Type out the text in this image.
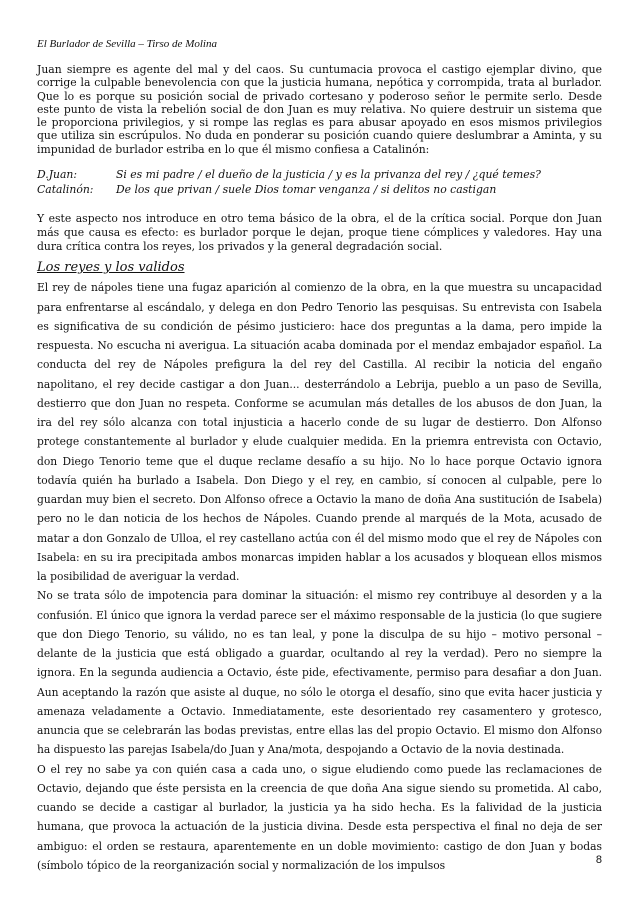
El Burlador de Sevilla – Tirso de Molina

Juan siempre es agente del mal y del caos. Su cuntumacia provoca el castigo ejemplar divino, que corrige la culpable benevolencia con que la justicia humana, nepótica y corrompida, trata al burlador. Que lo es porque su posición social de privado cortesano y poderoso señor le permite serlo. Desde este punto de vista la rebelión social de don Juan es muy relativa. No quiere destruir un sistema que le proporciona privilegios, y si rompe las reglas es para abusar apoyado en esos mismos privilegios que utiliza sin escrúpulos. No duda en ponderar su posición cuando quiere deslumbrar a Aminta, y su impunidad de burlador estriba en lo que él mismo confiesa a Catalinón:

D.Juan:	Si es mi padre / el dueño de la justicia / y es la privanza del rey / ¿qué temes?
Catalinón:	De los que privan / suele Dios tomar venganza / si delitos no castigan

Y este aspecto nos introduce en otro tema básico de la obra, el de la crítica social. Porque don Juan más que causa es efecto: es burlador porque le dejan, proque tiene cómplices y valedores. Hay una dura crítica contra los reyes, los privados y la general degradación social.

Los reyes y los validos

El rey de nápoles tiene una fugaz aparición al comienzo de la obra, en la que muestra su uncapacidad para enfrentarse al escándalo, y delega en don Pedro Tenorio las pesquisas. Su entrevista con Isabela es significativa de su condición de pésimo justiciero: hace dos preguntas a la dama, pero impide la respuesta. No escucha ni averigua. La situación acaba dominada por el mendaz embajador español. La conducta del rey de Nápoles prefigura la del rey del Castilla. Al recibir la noticia del engaño napolitano, el rey decide castigar a don Juan... desterrándolo a Lebrija, pueblo a un paso de Sevilla, destierro que don Juan no respeta. Conforme se acumulan más detalles de los abusos de don Juan, la ira del rey sólo alcanza con total injusticia a hacerlo conde de su lugar de destierro. Don Alfonso protege constantemente al burlador y elude cualquier medida. En la priemra entrevista con Octavio, don Diego Tenorio teme que el duque reclame desafío a su hijo. No lo hace porque Octavio ignora todavía quién ha burlado a Isabela. Don Diego y el rey, en cambio, sí conocen al culpable, pere lo guardan muy bien el secreto. Don Alfonso ofrece a Octavio la mano de doña Ana sustitución de Isabela) pero no le dan noticia de los hechos de Nápoles. Cuando prende al marqués de la Mota, acusado de matar a don Gonzalo de Ulloa, el rey castellano actúa con él del mismo modo que el rey de Nápoles con Isabela: en su ira precipitada ambos monarcas impiden hablar a los acusados y bloquean ellos mismos la posibilidad de averiguar la verdad.

No se trata sólo de impotencia para dominar la situación: el mismo rey contribuye al desorden y a la confusión. El único que ignora la verdad parece ser el máximo responsable de la justicia (lo que sugiere que don Diego Tenorio, su válido, no es tan leal, y pone la disculpa de su hijo – motivo personal – delante de la justicia que está obligado a guardar, ocultando al rey la verdad). Pero no siempre la ignora. En la segunda audiencia a Octavio, éste pide, efectivamente, permiso para desafiar a don Juan. Aun aceptando la razón que asiste al duque, no sólo le otorga el desafío, sino que evita hacer justicia y amenaza veladamente a Octavio. Inmediatamente, este desorientado rey casamentero y grotesco, anuncia que se celebrarán las bodas previstas, entre ellas las del propio Octavio. El mismo don Alfonso ha dispuesto las parejas Isabela/do Juan y Ana/mota, despojando a Octavio de la novia destinada.

O el rey no sabe ya con quién casa a cada uno, o sigue eludiendo como puede las reclamaciones de Octavio, dejando que éste persista en la creencia de que doña Ana sigue siendo su prometida. Al cabo, cuando se decide a castigar al burlador, la justicia ya ha sido hecha. Es la falividad de la justicia humana, que provoca la actuación de la justicia divina. Desde esta perspectiva el final no deja de ser ambiguo: el orden se restaura, aparentemente en un doble movimiento: castigo de don Juan y bodas (símbolo tópico de la reorganización social y normalización de los impulsos	8
